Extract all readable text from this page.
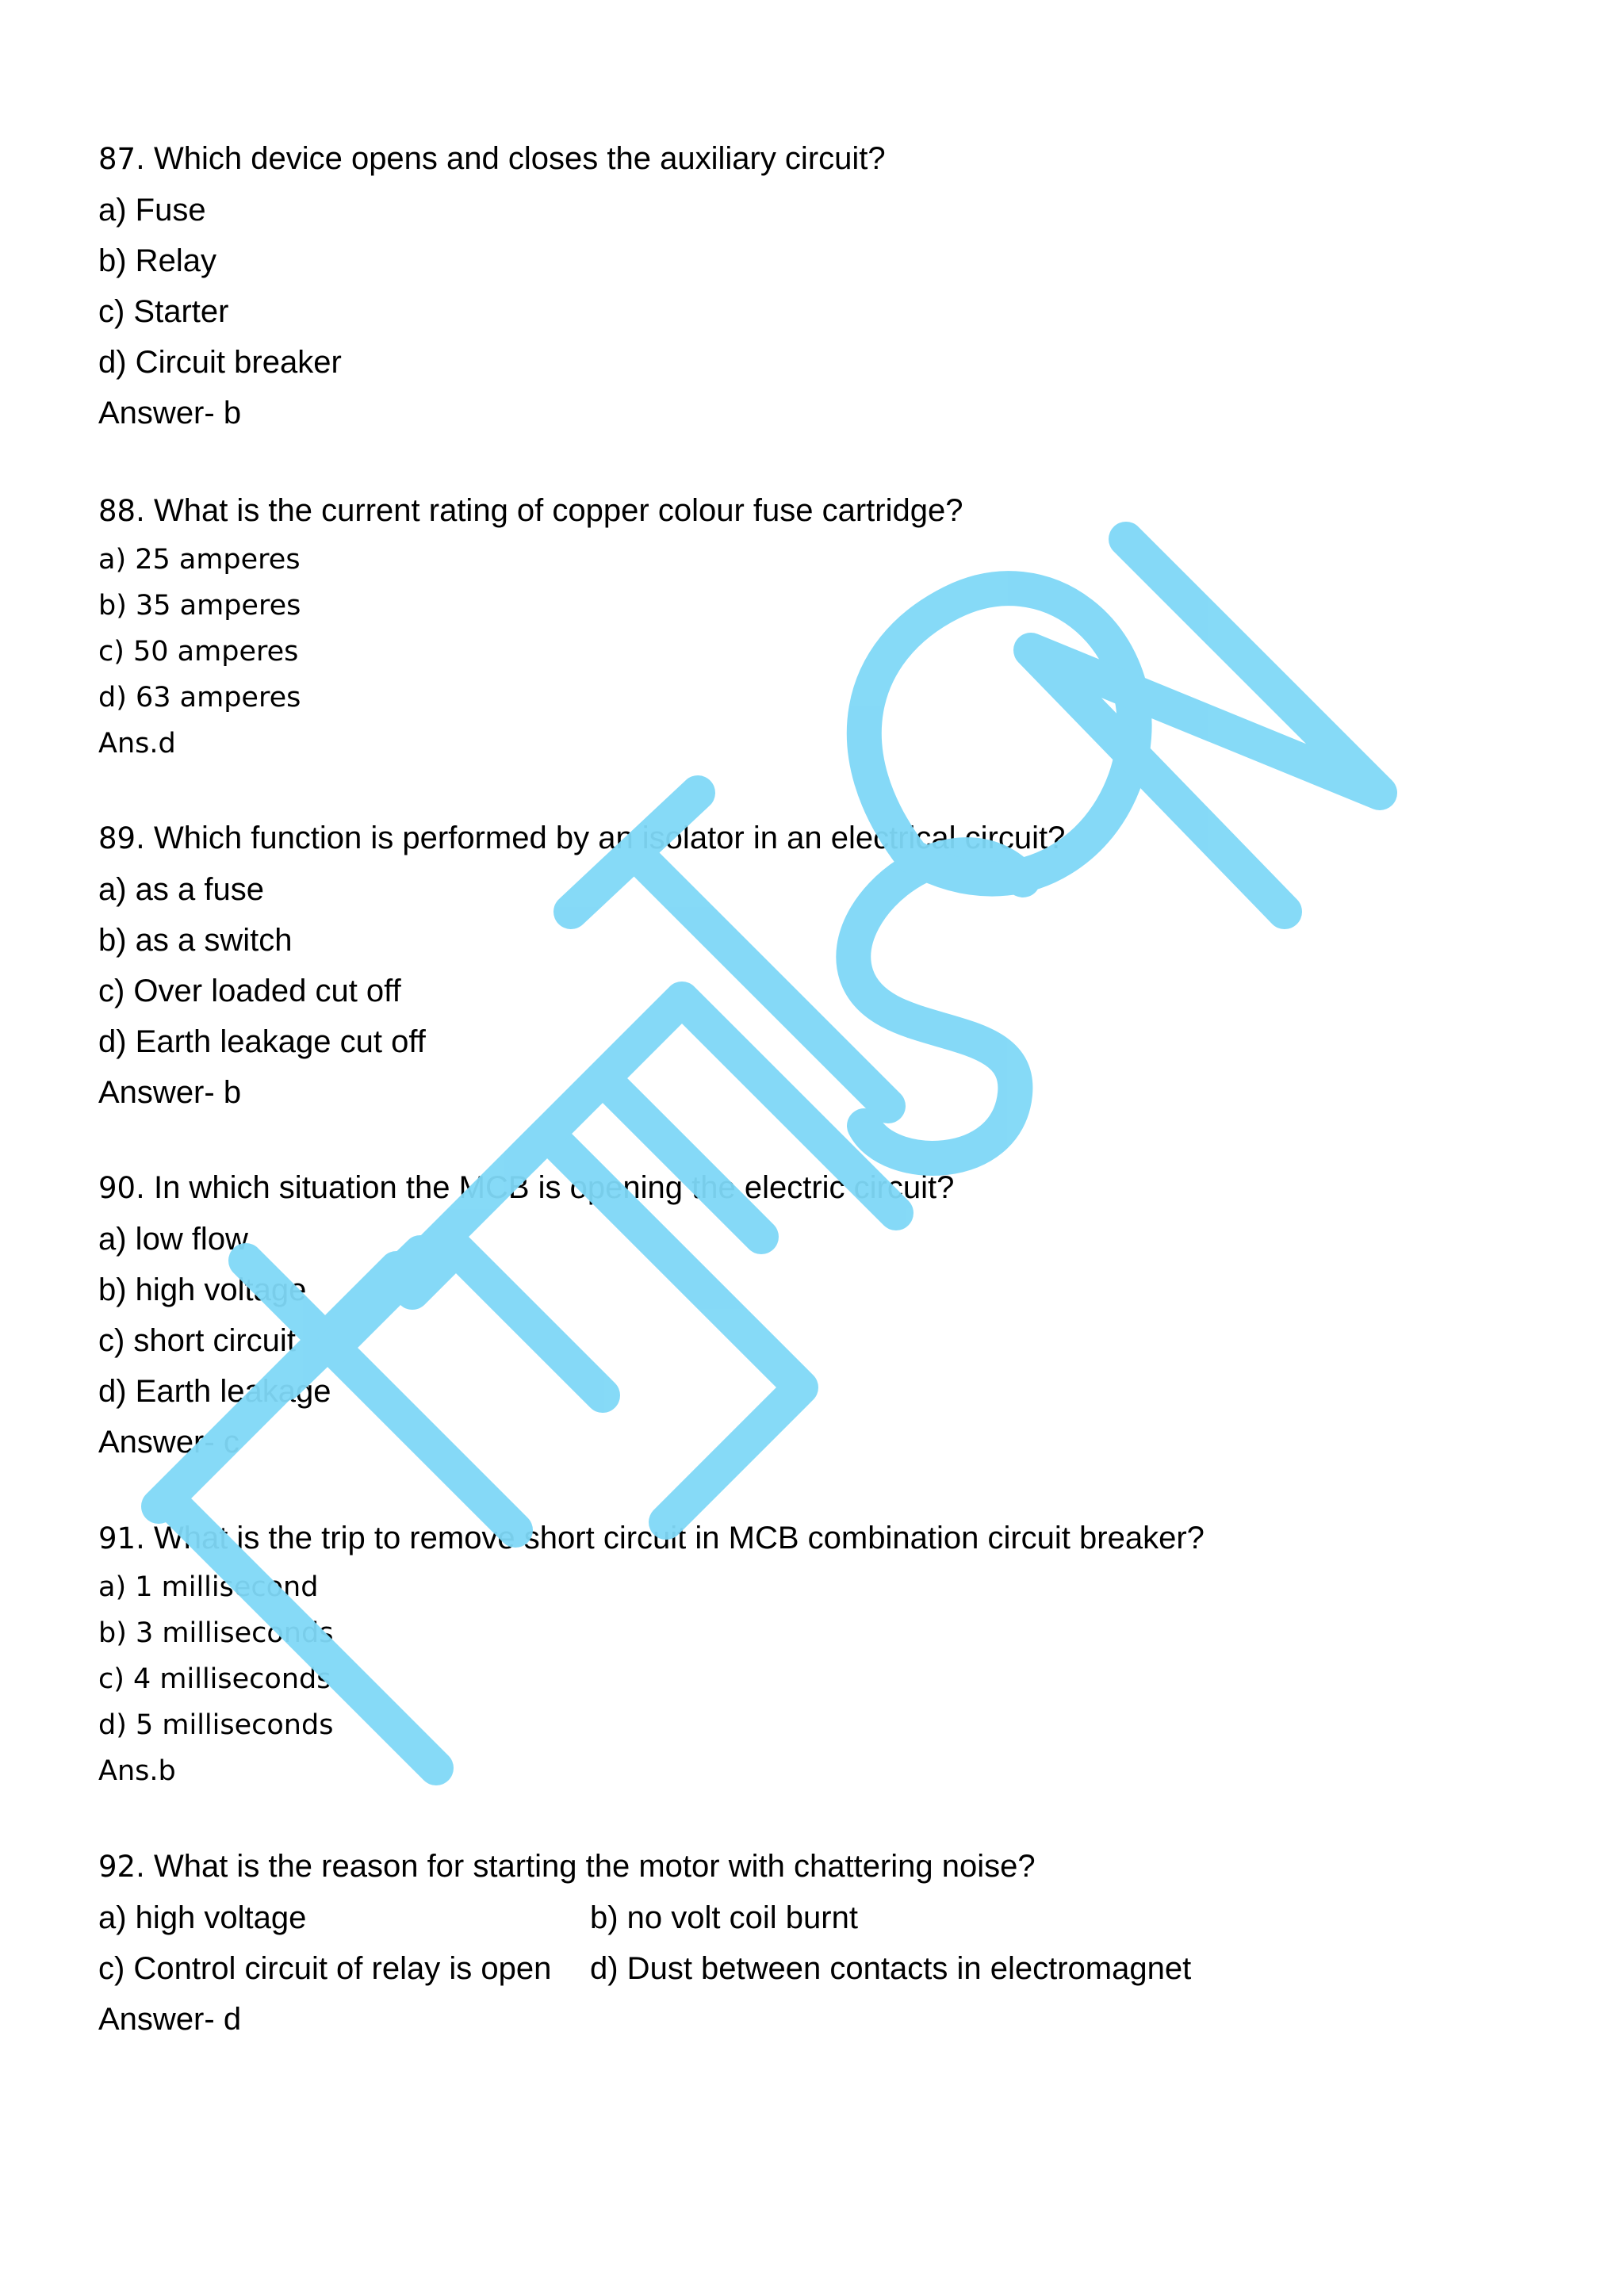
87. Which device opens and closes the auxiliary circuit?
a) Fuse
b) Relay
c) Starter
d) Circuit breaker
Answer- b
88. What is the current rating of copper colour fuse cartridge?
a) 25 amperes
b) 35 amperes
c) 50 amperes
d) 63 amperes
Ans.d
89. Which function is performed by an isolator in an electrical circuit?
a) as a fuse
b) as a switch
c) Over loaded cut off
d) Earth leakage cut off
Answer- b
90. In which situation the MCB is opening the electric circuit?
a) low flow
b) high voltage
c) short circuit
d) Earth leakage
Answer- c
91. What is the trip to remove short circuit in MCB combination circuit breaker?
a) 1 millisecond
b) 3 milliseconds
c) 4 milliseconds
d) 5 milliseconds
Ans.b
92. What is the reason for starting the motor with chattering noise?
a) high voltage	b) no volt coil burnt
c) Control circuit of relay is open	d) Dust between contacts in electromagnet
Answer- d
